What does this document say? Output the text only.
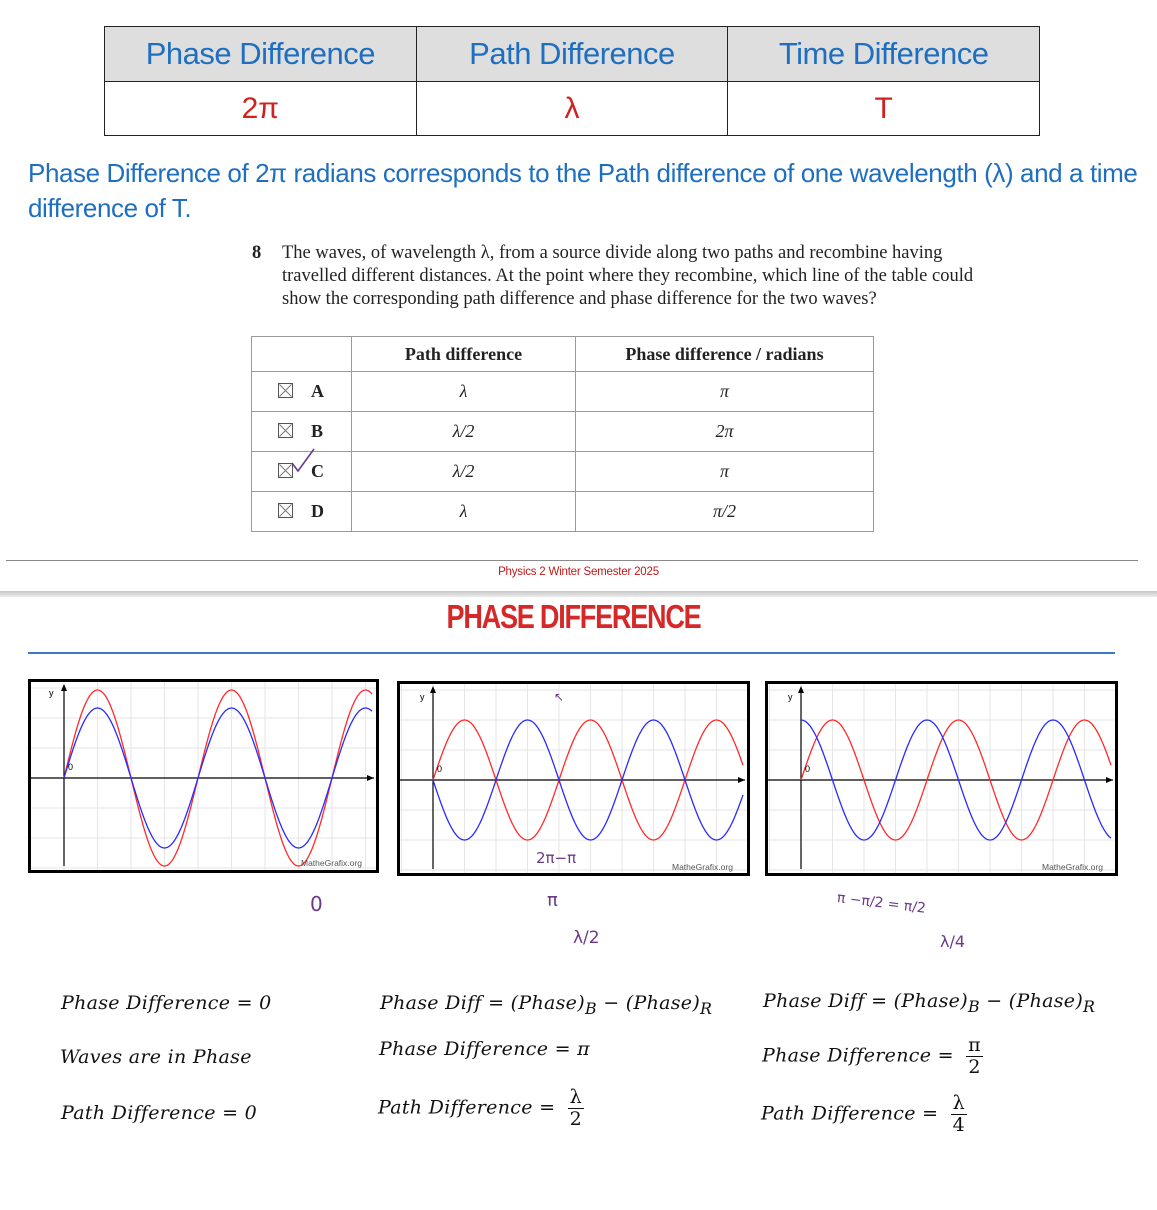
Phase Difference	Path Difference	Time Difference
2π	λ	T
Phase Difference of 2π radians corresponds to the Path difference of one wavelength (λ) and a time difference of T.
8 The waves, of wavelength λ, from a source divide along two paths and recombine having travelled different distances. At the point where they recombine, which line of the table could show the corresponding path difference and phase difference for the two waves?
	Path difference	Phase difference / radians
A	λ	π
B	λ/2	2π
C	λ/2	π
D	λ	π/2
Physics 2 Winter Semester 2025
PHASE DIFFERENCE
y
0
MatheGrafix.org
y
0
MatheGrafix.org
y
0
MatheGrafix.org
0
↖
2π−π
π
λ/2
π −π/2 = π/2
λ/4
Phase Difference = 0
Waves are in Phase
Path Difference = 0
Phase Diff = $(Phase)_B$ − $(Phase)_R$
Phase Difference = π
Path Difference = $\frac{\lambda}{2}$
Phase Diff = $(Phase)_B$ − $(Phase)_R$
Phase Difference = $\frac{\pi}{2}$
Path Difference = $\frac{\lambda}{4}$
